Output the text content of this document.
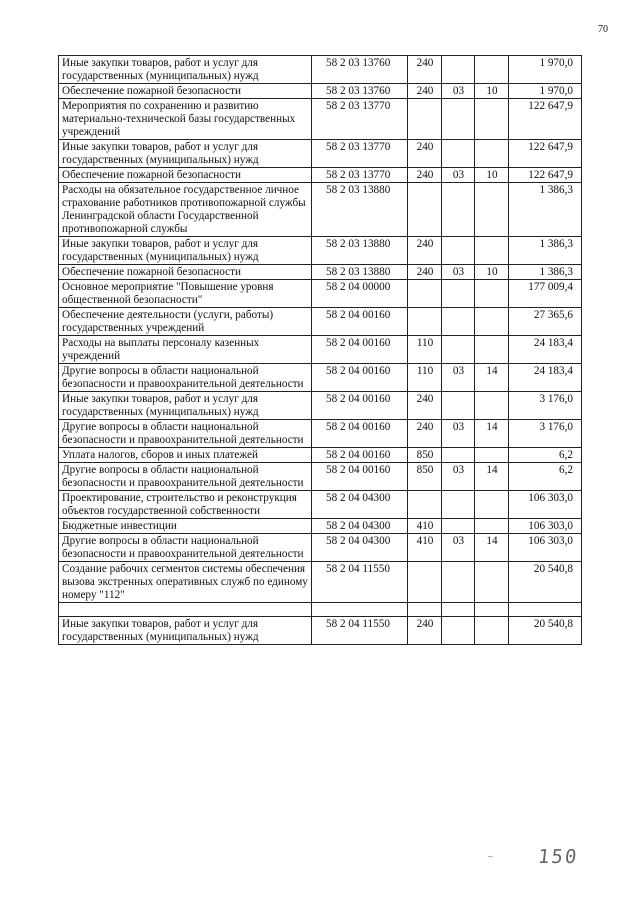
70
Иные закупки товаров, работ и услуг для государственных (муниципальных) нужд	58 2 03 13760	240			1 970,0
Обеспечение пожарной безопасности	58 2 03 13760	240	03	10	1 970,0
Мероприятия по сохранению и развитию материально-технической базы государственных учреждений	58 2 03 13770				122 647,9
Иные закупки товаров, работ и услуг для государственных (муниципальных) нужд	58 2 03 13770	240			122 647,9
Обеспечение пожарной безопасности	58 2 03 13770	240	03	10	122 647,9
Расходы на обязательное государственное личное страхование работников противопожарной службы Ленинградской области Государственной противопожарной службы	58 2 03 13880				1 386,3
Иные закупки товаров, работ и услуг для государственных (муниципальных) нужд	58 2 03 13880	240			1 386,3
Обеспечение пожарной безопасности	58 2 03 13880	240	03	10	1 386,3
Основное мероприятие "Повышение уровня общественной безопасности"	58 2 04 00000				177 009,4
Обеспечение деятельности (услуги, работы) государственных учреждений	58 2 04 00160				27 365,6
Расходы на выплаты персоналу казенных учреждений	58 2 04 00160	110			24 183,4
Другие вопросы в области национальной безопасности и правоохранительной деятельности	58 2 04 00160	110	03	14	24 183,4
Иные закупки товаров, работ и услуг для государственных (муниципальных) нужд	58 2 04 00160	240			3 176,0
Другие вопросы в области национальной безопасности и правоохранительной деятельности	58 2 04 00160	240	03	14	3 176,0
Уплата налогов, сборов и иных платежей	58 2 04 00160	850			6,2
Другие вопросы в области национальной безопасности и правоохранительной деятельности	58 2 04 00160	850	03	14	6,2
Проектирование, строительство и реконструкция объектов государственной собственности	58 2 04 04300				106 303,0
Бюджетные инвестиции	58 2 04 04300	410			106 303,0
Другие вопросы в области национальной безопасности и правоохранительной деятельности	58 2 04 04300	410	03	14	106 303,0
Создание рабочих сегментов системы обеспечения вызова экстренных оперативных служб по единому номеру "112"	58 2 04 11550				20 540,8

Иные закупки товаров, работ и услуг для государственных (муниципальных) нужд	58 2 04 11550	240			20 540,8
-- 150
